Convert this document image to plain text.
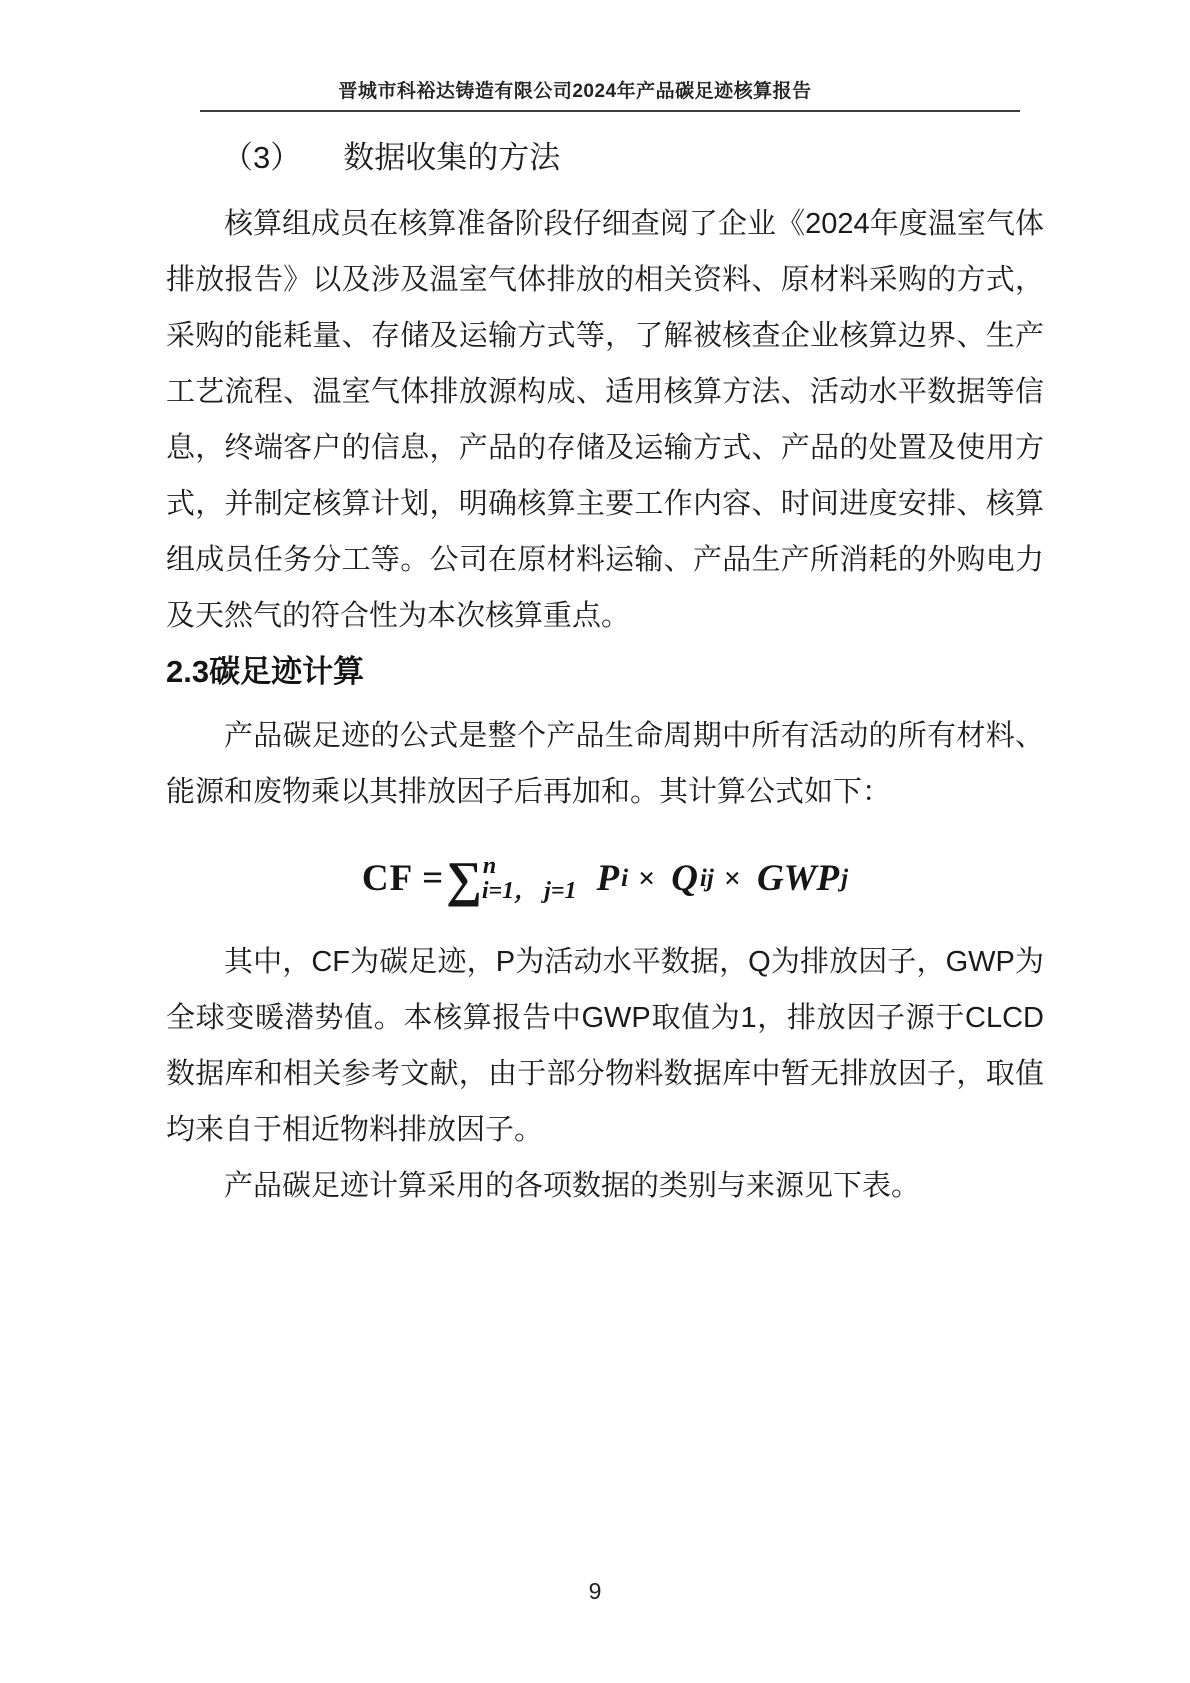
晋城市科裕达铸造有限公司2024年产品碳足迹核算报告
（3） 数据收集的方法

核算组成员在核算准备阶段仔细查阅了企业《2024年度温室气体排放报告》以及涉及温室气体排放的相关资料、原材料采购的方式，采购的能耗量、存储及运输方式等，了解被核查企业核算边界、生产工艺流程、温室气体排放源构成、适用核算方法、活动水平数据等信息，终端客户的信息，产品的存储及运输方式、产品的处置及使用方式，并制定核算计划，明确核算主要工作内容、时间进度安排、核算组成员任务分工等。公司在原材料运输、产品生产所消耗的外购电力及天然气的符合性为本次核算重点。

2.3碳足迹计算

产品碳足迹的公式是整个产品生命周期中所有活动的所有材料、能源和废物乘以其排放因子后再加和。其计算公式如下：

CF = ∑ n
i=1， j=1 P i × Q ij × GWP j

其中，CF为碳足迹，P为活动水平数据，Q为排放因子，GWP为全球变暖潜势值。本核算报告中GWP取值为1，排放因子源于CLCD数据库和相关参考文献，由于部分物料数据库中暂无排放因子，取值均来自于相近物料排放因子。

产品碳足迹计算采用的各项数据的类别与来源见下表。

9
